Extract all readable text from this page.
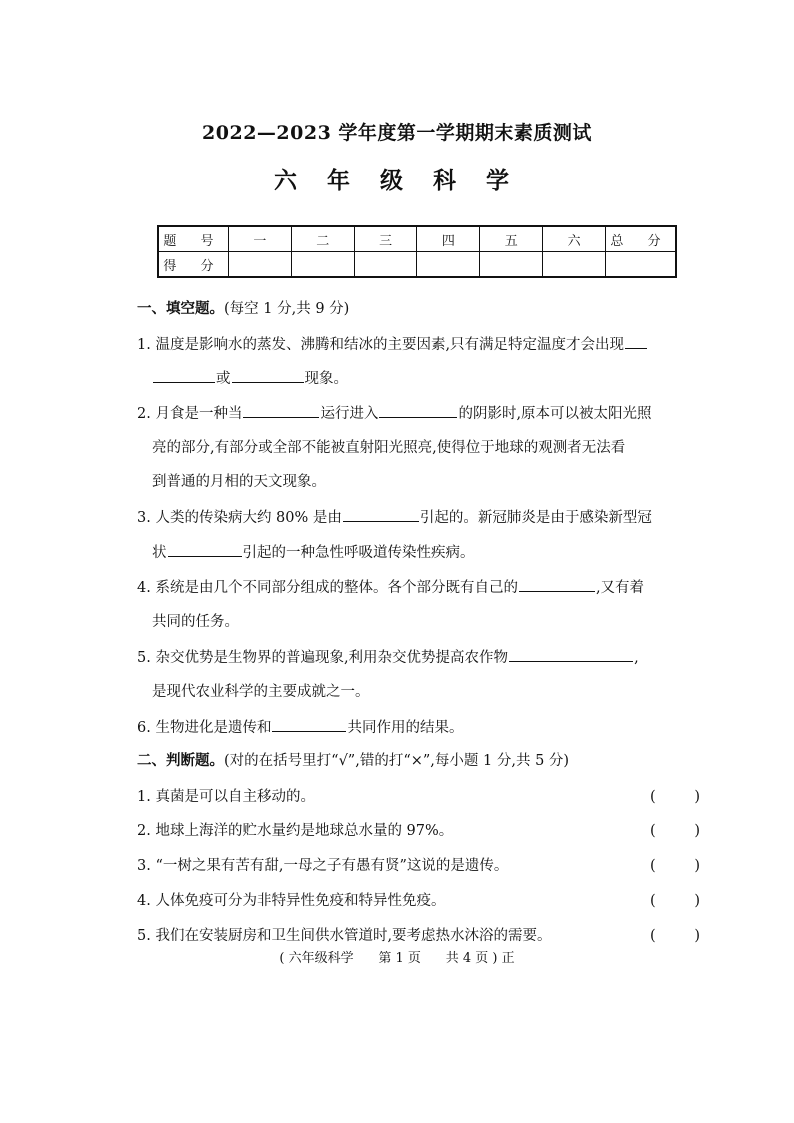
2022—2023 学年度第一学期期末素质测试
六 年 级 科 学
题 号	一	二	三	四	五	六	总 分
得 分							
一、填空题。(每空 1 分,共 9 分)
1. 温度是影响水的蒸发、沸腾和结冰的主要因素,只有满足特定温度才会出现
或	现象。
2. 月食是一种当	运行进入	的阴影时,原本可以被太阳光照
亮的部分,有部分或全部不能被直射阳光照亮,使得位于地球的观测者无法看
到普通的月相的天文现象。
3. 人类的传染病大约 80% 是由	引起的。新冠肺炎是由于感染新型冠
状	引起的一种急性呼吸道传染性疾病。
4. 系统是由几个不同部分组成的整体。各个部分既有自己的	,又有着
共同的任务。
5. 杂交优势是生物界的普遍现象,利用杂交优势提高农作物	,
是现代农业科学的主要成就之一。
6. 生物进化是遗传和	共同作用的结果。
二、判断题。(对的在括号里打“√”,错的打“×”,每小题 1 分,共 5 分)
1. 真菌是可以自主移动的。	(	)
2. 地球上海洋的贮水量约是地球总水量的 97%。	(	)
3. “一树之果有苦有甜,一母之子有愚有贤”这说的是遗传。	(	)
4. 人体免疫可分为非特异性免疫和特异性免疫。	(	)
5. 我们在安装厨房和卫生间供水管道时,要考虑热水沐浴的需要。	(	)
( 六年级科学      第 1 页      共 4 页 ) 正
